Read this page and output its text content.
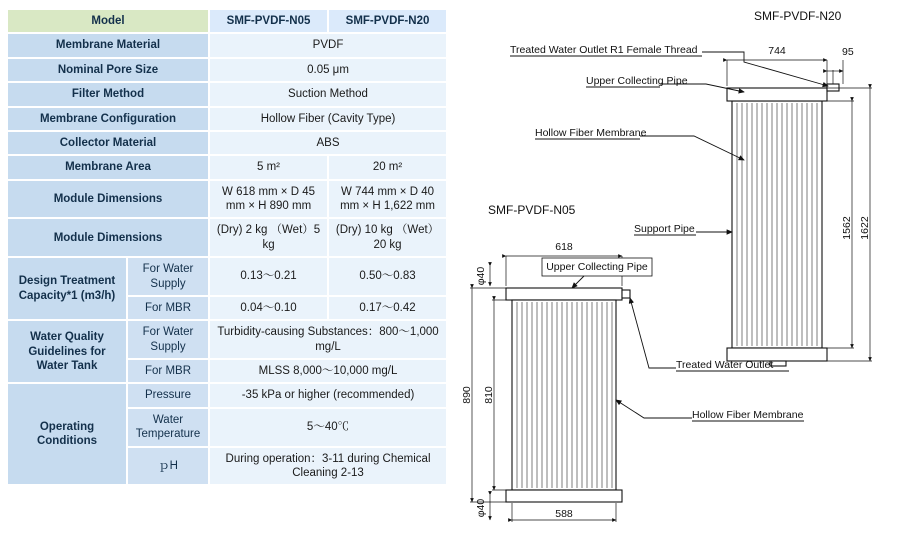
Model		SMF-PVDF-N05	SMF-PVDF-N20
Membrane Material		PVDF	
Nominal Pore Size		0.05 μm	
Filter Method		Suction Method	
Membrane Configuration		Hollow Fiber (Cavity Type)	
Collector Material		ABS	
Membrane Area		5 m²	20 m²
Module Dimensions		W 618 mm × D 45 mm × H 890 mm	W 744 mm × D 40 mm × H 1,622 mm
Module Dimensions		(Dry) 2 kg （Wet）5 kg	(Dry) 10 kg （Wet）20 kg
Design Treatment Capacity*1 (m3/h)	For Water Supply	0.13〜0.21	0.50〜0.83
	For MBR	0.04〜0.10	0.17〜0.42
Water Quality Guidelines for Water Tank	For Water Supply	Turbidity-causing Substances：800〜1,000 mg/L	
	For MBR	MLSS 8,000〜10,000 mg/L	
Operating Conditions	Pressure	-35 kPa or higher (recommended)	
	Water Temperature	5〜40℃	
	ｐH	During operation：3-11 during Chemical Cleaning 2-13	
SMF-PVDF-N20
744	95
1562 1622
Treated Water Outlet R1 Female Thread
Upper Collecting Pipe
Hollow Fiber Membrane
Support Pipe
SMF-PVDF-N05
618
588
890 810
φ40
φ40
Upper Collecting Pipe
Treated Water Outlet
Hollow Fiber Membrane
